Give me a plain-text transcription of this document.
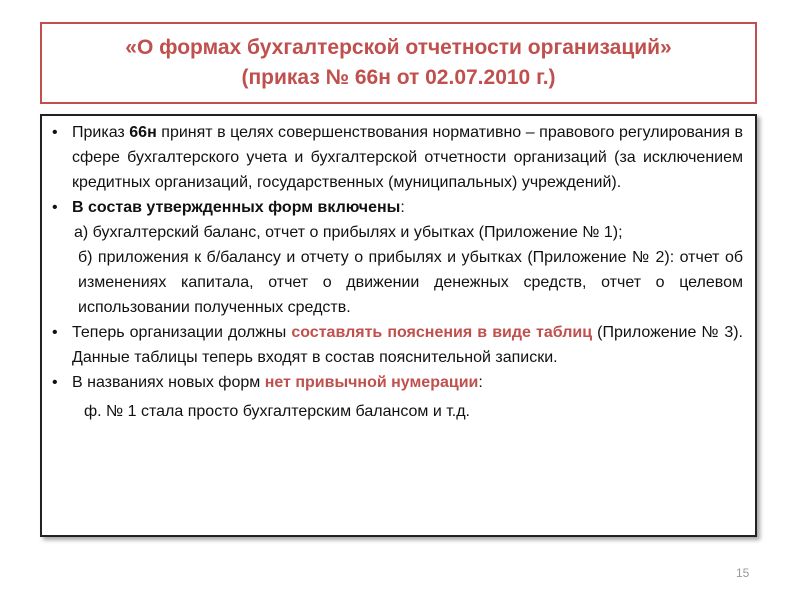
«О формах бухгалтерской отчетности организаций»
(приказ № 66н от 02.07.2010 г.)
• Приказ 66н принят в целях совершенствования нормативно – правового регулирования в сфере бухгалтерского учета и бухгалтерской отчетности организаций (за исключением кредитных организаций, государственных (муниципальных) учреждений).
• В состав утвержденных форм включены:
а) бухгалтерский баланс, отчет о прибылях и убытках (Приложение № 1);
б) приложения к б/балансу и отчету о прибылях и убытках (Приложение № 2): отчет об изменениях капитала, отчет о движении денежных средств, отчет о целевом использовании полученных средств.
• Теперь организации должны составлять пояснения в виде таблиц (Приложение № 3). Данные таблицы теперь входят в состав пояснительной записки.
• В названиях новых форм нет привычной нумерации:
ф. № 1 стала просто бухгалтерским балансом и т.д.
15
